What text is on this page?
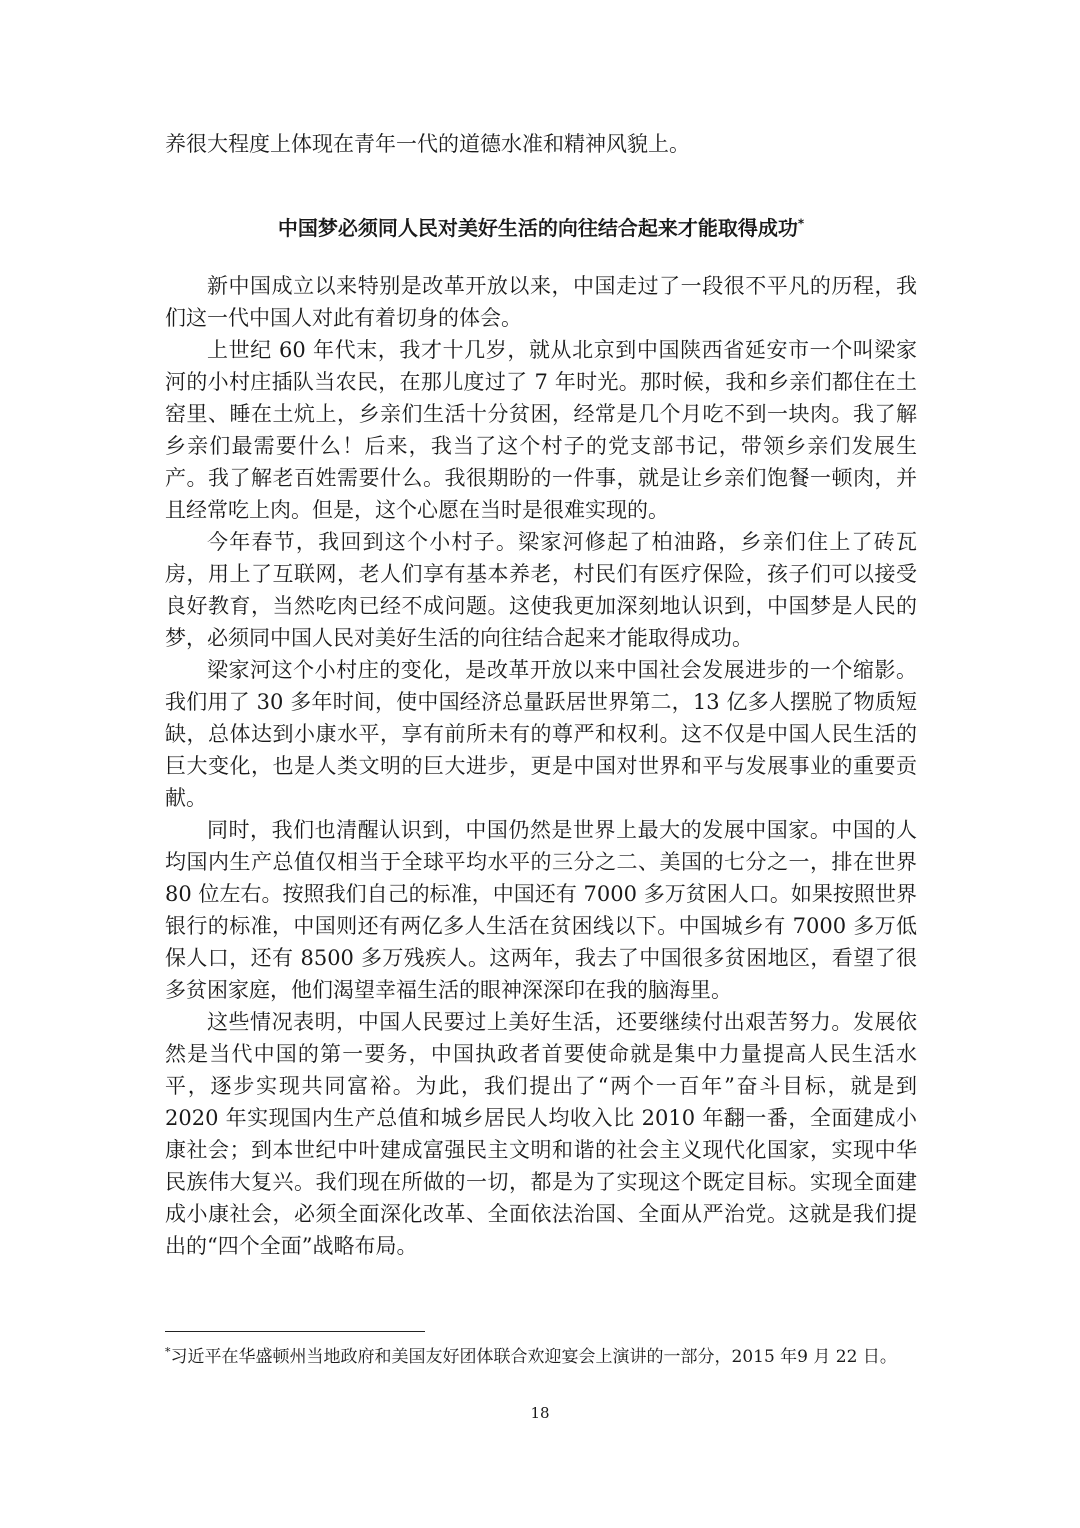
养很大程度上体现在青年一代的道德水准和精神风貌上。

中国梦必须同人民对美好生活的向往结合起来才能取得成功*

新中国成立以来特别是改革开放以来，中国走过了一段很不平凡的历程，我们这一代中国人对此有着切身的体会。

上世纪 60 年代末，我才十几岁，就从北京到中国陕西省延安市一个叫梁家河的小村庄插队当农民，在那儿度过了 7 年时光。那时候，我和乡亲们都住在土窑里、睡在土炕上，乡亲们生活十分贫困，经常是几个月吃不到一块肉。我了解乡亲们最需要什么！后来，我当了这个村子的党支部书记，带领乡亲们发展生产。我了解老百姓需要什么。我很期盼的一件事，就是让乡亲们饱餐一顿肉，并且经常吃上肉。但是，这个心愿在当时是很难实现的。

今年春节，我回到这个小村子。梁家河修起了柏油路，乡亲们住上了砖瓦房，用上了互联网，老人们享有基本养老，村民们有医疗保险，孩子们可以接受良好教育，当然吃肉已经不成问题。这使我更加深刻地认识到，中国梦是人民的梦，必须同中国人民对美好生活的向往结合起来才能取得成功。

梁家河这个小村庄的变化，是改革开放以来中国社会发展进步的一个缩影。我们用了 30 多年时间，使中国经济总量跃居世界第二，13 亿多人摆脱了物质短缺，总体达到小康水平，享有前所未有的尊严和权利。这不仅是中国人民生活的巨大变化，也是人类文明的巨大进步，更是中国对世界和平与发展事业的重要贡献。

同时，我们也清醒认识到，中国仍然是世界上最大的发展中国家。中国的人均国内生产总值仅相当于全球平均水平的三分之二、美国的七分之一，排在世界 80 位左右。按照我们自己的标准，中国还有 7000 多万贫困人口。如果按照世界银行的标准，中国则还有两亿多人生活在贫困线以下。中国城乡有 7000 多万低保人口，还有 8500 多万残疾人。这两年，我去了中国很多贫困地区，看望了很多贫困家庭，他们渴望幸福生活的眼神深深印在我的脑海里。

这些情况表明，中国人民要过上美好生活，还要继续付出艰苦努力。发展依然是当代中国的第一要务，中国执政者首要使命就是集中力量提高人民生活水平，逐步实现共同富裕。为此，我们提出了“两个一百年”奋斗目标，就是到 2020 年实现国内生产总值和城乡居民人均收入比 2010 年翻一番，全面建成小康社会；到本世纪中叶建成富强民主文明和谐的社会主义现代化国家，实现中华民族伟大复兴。我们现在所做的一切，都是为了实现这个既定目标。实现全面建成小康社会，必须全面深化改革、全面依法治国、全面从严治党。这就是我们提出的“四个全面”战略布局。

*习近平在华盛顿州当地政府和美国友好团体联合欢迎宴会上演讲的一部分，2015 年9 月 22 日。

18
